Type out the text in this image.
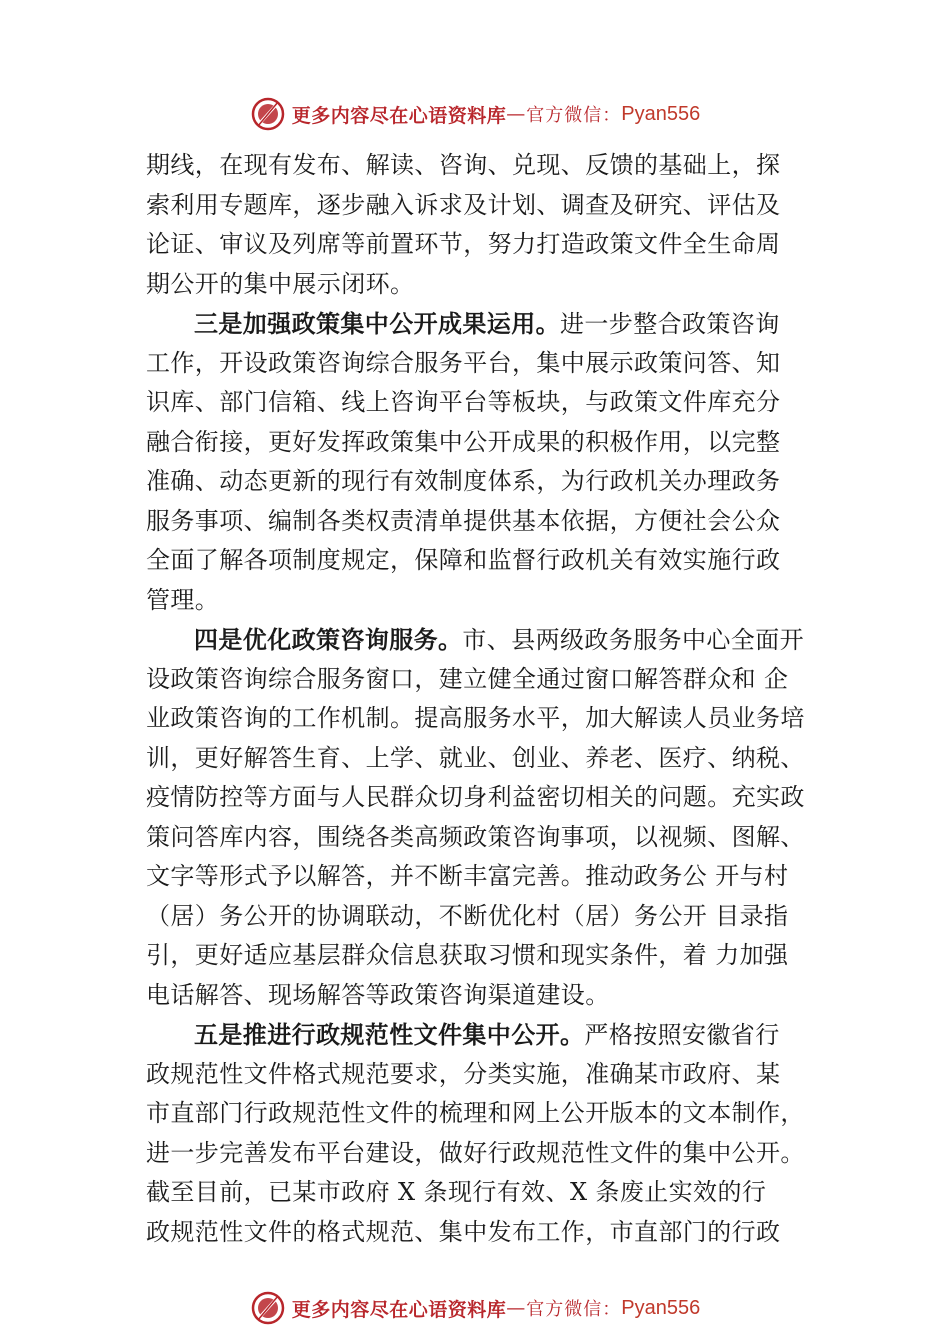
更多内容尽在心语资料库 — 官方微信： Pyan556
期线，在现有发布、解读、咨询、兑现、反馈的基础上，探
索利用专题库，逐步融入诉求及计划、调查及研究、评估及
论证、审议及列席等前置环节，努力打造政策文件全生命周
期公开的集中展示闭环。
三是加强政策集中公开成果运用。进一步整合政策咨询
工作，开设政策咨询综合服务平台，集中展示政策问答、知
识库、部门信箱、线上咨询平台等板块，与政策文件库充分
融合衔接，更好发挥政策集中公开成果的积极作用，以完整
准确、动态更新的现行有效制度体系，为行政机关办理政务
服务事项、编制各类权责清单提供基本依据，方便社会公众
全面了解各项制度规定，保障和监督行政机关有效实施行政
管理。
四是优化政策咨询服务。市、县两级政务服务中心全面开
设政策咨询综合服务窗口，建立健全通过窗口解答群众和 企
业政策咨询的工作机制。提高服务水平，加大解读人员业务培
训，更好解答生育、上学、就业、创业、养老、医疗、纳税、
疫情防控等方面与人民群众切身利益密切相关的问题。充实政
策问答库内容，围绕各类高频政策咨询事项，以视频、图解、
文字等形式予以解答，并不断丰富完善。推动政务公 开与村
（居）务公开的协调联动，不断优化村（居）务公开 目录指
引，更好适应基层群众信息获取习惯和现实条件，着 力加强
电话解答、现场解答等政策咨询渠道建设。
五是推进行政规范性文件集中公开。严格按照安徽省行
政规范性文件格式规范要求，分类实施，准确某市政府、某
市直部门行政规范性文件的梳理和网上公开版本的文本制作，
进一步完善发布平台建设，做好行政规范性文件的集中公开。
截至目前，已某市政府 X 条现行有效、X 条废止实效的行
政规范性文件的格式规范、集中发布工作，市直部门的行政
更多内容尽在心语资料库 — 官方微信： Pyan556
